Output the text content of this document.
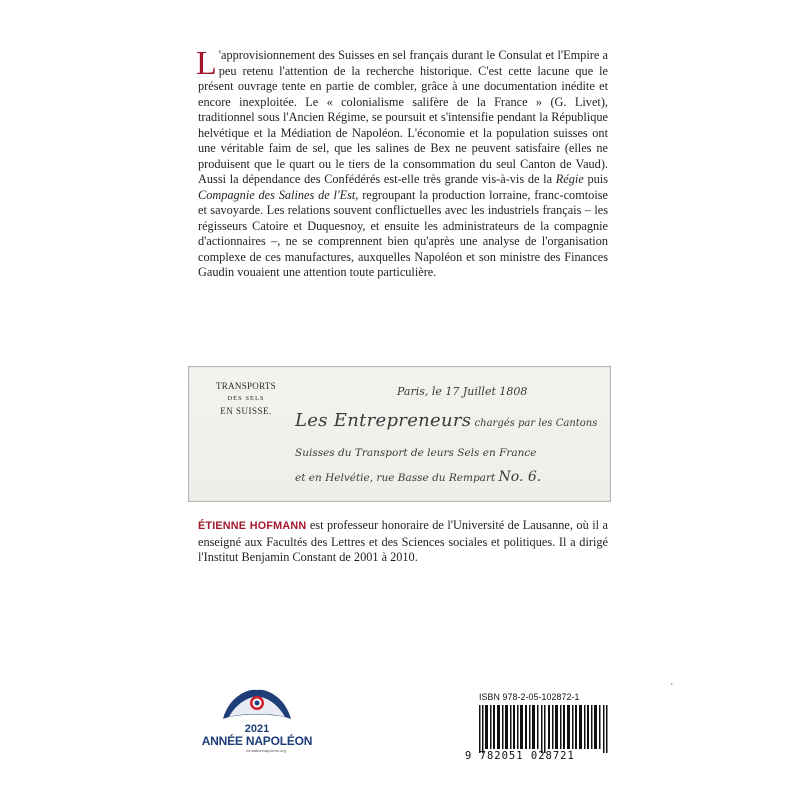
L 'approvisionnement des Suisses en sel français durant le Consulat et l'Empire a peu retenu l'attention de la recherche historique. C'est cette lacune que le présent ouvrage tente en partie de combler, grâce à une documentation inédite et encore inexploitée. Le « colonialisme salifère de la France » (G. Livet), traditionnel sous l'Ancien Régime, se poursuit et s'intensifie pendant la République helvétique et la Médiation de Napoléon. L'économie et la population suisses ont une véritable faim de sel, que les salines de Bex ne peuvent satisfaire (elles ne produisent que le quart ou le tiers de la consommation du seul Canton de Vaud). Aussi la dépendance des Confédérés est-elle très grande vis-à-vis de la Régie puis Compagnie des Salines de l'Est, regroupant la production lorraine, franc-comtoise et savoyarde. Les relations souvent conflictuelles avec les industriels français – les régisseurs Catoire et Duquesnoy, et ensuite les administrateurs de la compagnie d'actionnaires –, ne se comprennent bien qu'après une analyse de l'organisation complexe de ces manufactures, auxquelles Napoléon et son ministre des Finances Gaudin vouaient une attention toute particulière.
TRANSPORTS
DES SELS
EN SUISSE.
Paris, le 17 Juillet 1808
Les Entrepreneurs chargés par les Cantons
Suisses du Transport de leurs Sels en France
et en Helvétie, rue Basse du Rempart No. 6.
ÉTIENNE HOFMANN est professeur honoraire de l'Université de Lausanne, où il a enseigné aux Facultés des Lettres et des Sciences sociales et politiques. Il a dirigé l'Institut Benjamin Constant de 2001 à 2010.
2021
ANNÉE NAPOLÉON
fondationnapoleon.org
ISBN 978-2-05-102872-1
`
9 782051 028721
